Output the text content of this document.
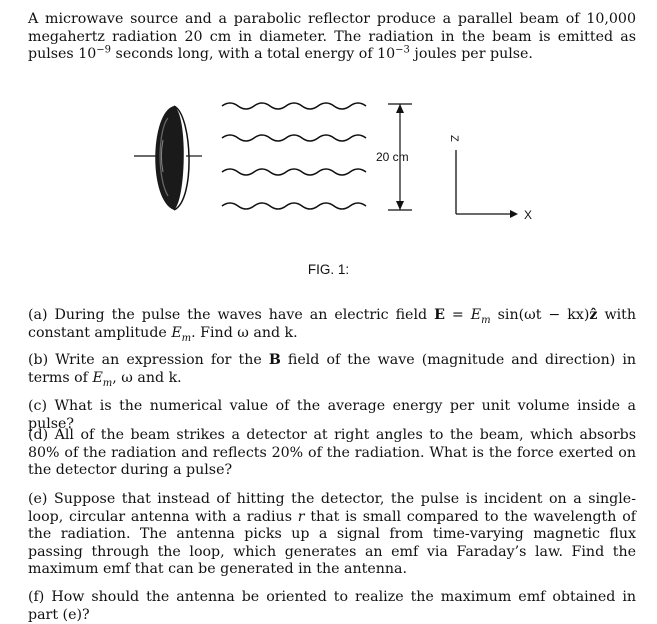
A microwave source and a parabolic reflector produce a parallel beam of 10,000 megahertz radiation 20 cm in diameter. The radiation in the beam is emitted as pulses $10^{-9}$ seconds long, with a total energy of $10^{-3}$ joules per pulse.

20 cm
Z
X
FIG. 1:

(a) During the pulse the waves have an electric field $E = E_m$ sin(ωt − kx)ẑ with constant amplitude $E_m$. Find ω and k.

(b) Write an expression for the B field of the wave (magnitude and direction) in terms of $E_m$, ω and k.

(c) What is the numerical value of the average energy per unit volume inside a pulse?

(d) All of the beam strikes a detector at right angles to the beam, which absorbs 80% of the radiation and reflects 20% of the radiation. What is the force exerted on the detector during a pulse?

(e) Suppose that instead of hitting the detector, the pulse is incident on a single-loop, circular antenna with a radius r that is small compared to the wavelength of the radiation. The antenna picks up a signal from time-varying magnetic flux passing through the loop, which generates an emf via Faraday’s law. Find the maximum emf that can be generated in the antenna.

(f) How should the antenna be oriented to realize the maximum emf obtained in part (e)?
